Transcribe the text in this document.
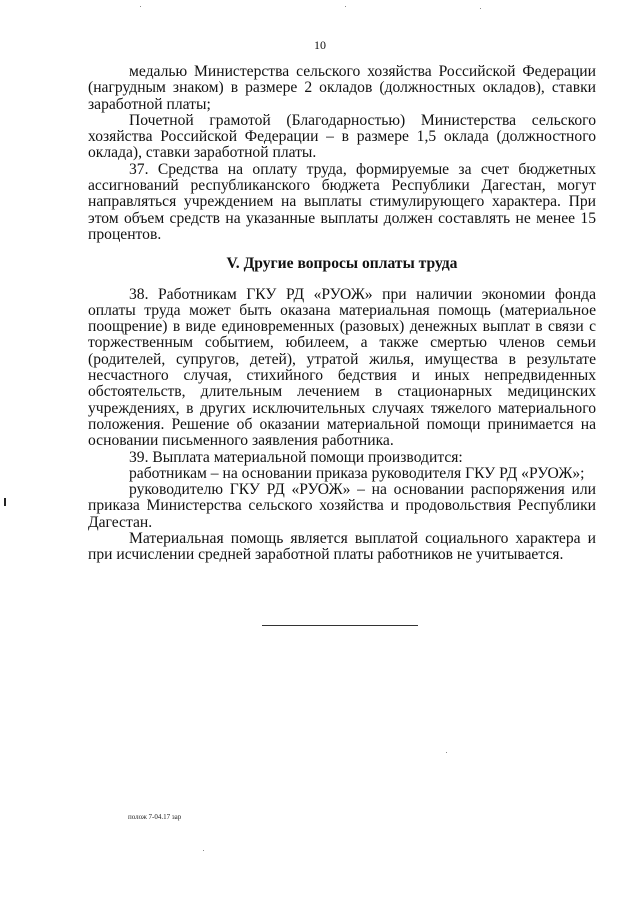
10

медалью Министерства сельского хозяйства Российской Федерации (нагрудным знаком) в размере 2 окладов (должностных окладов), ставки заработной платы;

Почетной грамотой (Благодарностью) Министерства сельского хозяйства Российской Федерации – в размере 1,5 оклада (должностного оклада), ставки заработной платы.

37. Средства на оплату труда, формируемые за счет бюджетных ассигнований республиканского бюджета Республики Дагестан, могут направляться учреждением на выплаты стимулирующего характера. При этом объем средств на указанные выплаты должен составлять не менее 15 процентов.

V. Другие вопросы оплаты труда

38. Работникам ГКУ РД «РУОЖ» при наличии экономии фонда оплаты труда может быть оказана материальная помощь (материальное поощрение) в виде единовременных (разовых) денежных выплат в связи с торжественным событием, юбилеем, а также смертью членов семьи (родителей, супругов, детей), утратой жилья, имущества в результате несчастного случая, стихийного бедствия и иных непредвиденных обстоятельств, длительным лечением в стационарных медицинских учреждениях, в других исключительных случаях тяжелого материального положения. Решение об оказании материальной помощи принимается на основании письменного заявления работника.

39. Выплата материальной помощи производится:

работникам – на основании приказа руководителя ГКУ РД «РУОЖ»;

руководителю ГКУ РД «РУОЖ» – на основании распоряжения или приказа Министерства сельского хозяйства и продовольствия Республики Дагестан.

Материальная помощь является выплатой социального характера и при исчислении средней заработной платы работников не учитывается.

полож 7-04.17 зар
